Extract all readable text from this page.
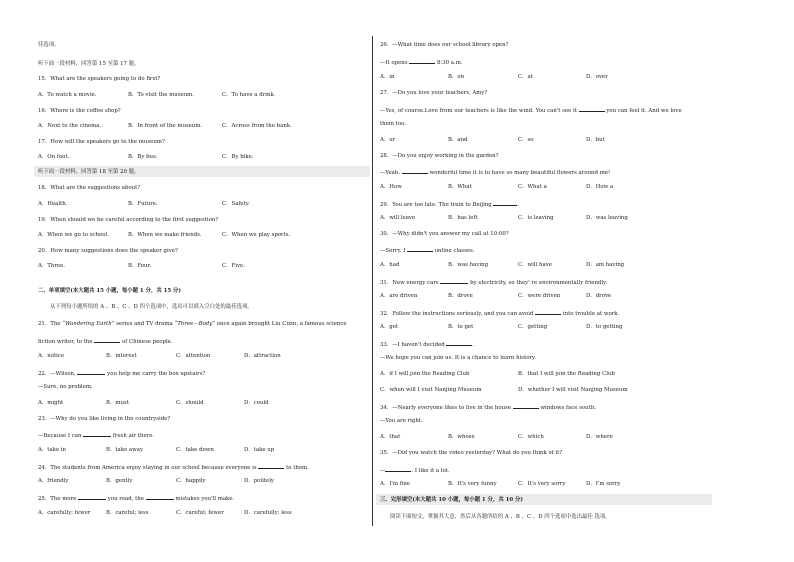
佳选项。
听下面一段材料，回答第 15 至第 17 题。
15．What are the speakers going to do first?
A．To watch a movie.	B．To visit the museum.	C．To have a drink.
16．Where is the coffee shop?
A．Next to the cinema.	B．In front of the museum.	C．Across from the bank.
17．How will the speakers go to the museum?
A．On foot.	B．By bus.	C．By bike.
听下面一段材料，回答第 18 至第 20 题。
18．What are the suggestions about?
A．Health.	B．Future.	C．Safety.
19．When should we be careful according to the first suggestion?
A．When we go to school.	B．When we make friends.	C．When we play sports.
20．How many suggestions does the speaker give?
A．Three.	B．Four.	C．Five.
二、单项填空(本大题共 15 小题，每小题 1 分，共 15 分)
从下列每小题所给的 A 、B 、C 、D 四个选项中，选出可以填入空白处的最佳选项。
21．The “Wandering Earth” series and TV drama “Three—Body” once again brought Liu Cixin, a famous science
fiction writer, to the	of Chinese people.
A．notice	B．interest	C．attention	D．attraction
22．—Wilson,	you help me carry the box upstairs?
—Sure, no problem.
A．might	B．must	C．should	D．could
23．—Why do you like living in the countryside?
—Because I can	fresh air there.
A．take in	B．take away	C．take down	D．take up
24．The students from America enjoy staying in our school because everyone is	to them.
A．friendly	B．gently	C．happily	D．politely
25．The more	you read, the	mistakes you'll make.
A．carefully; fewer	B．careful; less	C．careful; fewer	D．carefully; less
26．—What time does our school library open?
—It opens	8:30 a.m.
A．in	B．on	C．at	D．over
27．—Do you love your teachers, Amy?
—Yes, of course.Love from our teachers is like the wind. You can't see it	you can feel it. And we love
them too.
A．or	B．and	C．so	D．but
28．—Do you enjoy working in the garden?
—Yeah.	wonderful time it is to have so many beautiful flowers around me!
A．How	B．What	C．What a	D．How a
29．You are too late. The train to Beijing	.
A．will leave	B．has left	C．is leaving	D．was leaving
30．—Why didn't you answer my call at 10:00?
—Sorry. I	online classes.
A．had	B．was having	C．will have	D．am having
31．New energy cars	by electricity, so they' re environmentally friendly.
A．are driven	B．drove	C．were driven	D．drove
32．Follow the instructions seriously, and you can avoid	into trouble at work.
A．get	B．to get	C．getting	D．to getting
33．—I haven't decided	.
—We hope you can join us. It is a chance to learn history.
A．if I will join the Reading Club	B．that I will join the Reading Club
C．when will I visit Nanjing Museum	D．whether I will visit Nanjing Museum
34．—Nearly everyone likes to live in the house	windows face south.
—You are right.
A．that	B．whose	C．which	D．where
35．—Did you watch the video yesterday? What do you think of it?
—	. I like it a lot.
A．I'm fine	B．It's very funny	C．It's very sorry	D．I'm sorry
三、完形填空(本大题共 10 小题，每小题 1 分，共 10 分)
阅读下面短文，掌握其大意，然后从各题所给的 A 、B 、C 、D 四个选项中选出最佳 选项。
